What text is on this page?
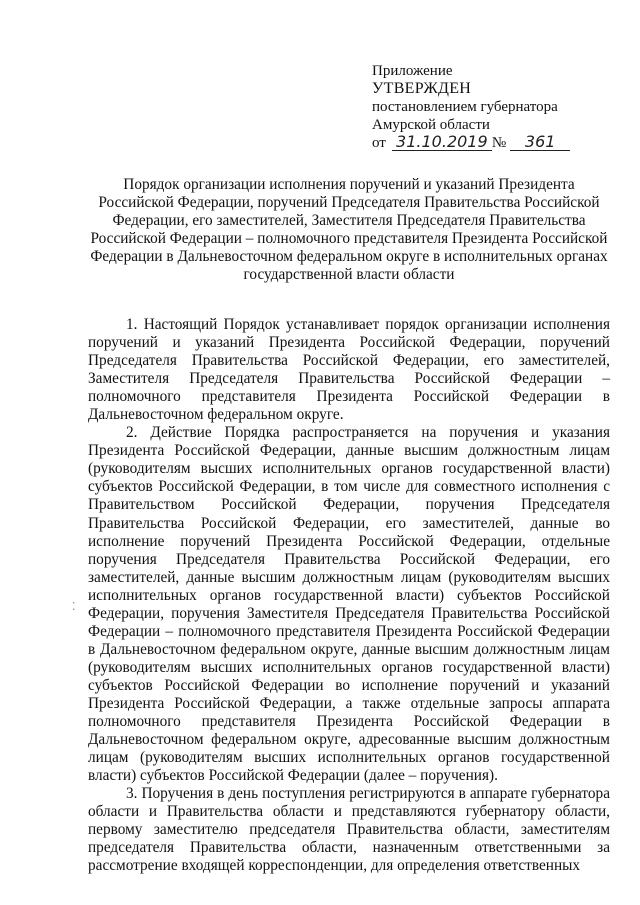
Приложение
УТВЕРЖДЕН
постановлением губернатора
Амурской области
от 31.10.2019 №	361
Порядок организации исполнения поручений и указаний Президента Российской Федерации, поручений Председателя Правительства Российской Федерации, его заместителей, Заместителя Председателя Правительства Российской Федерации – полномочного представителя Президента Российской Федерации в Дальневосточном федеральном округе в исполнительных органах государственной власти области

1. Настоящий Порядок устанавливает порядок организации исполнения поручений и указаний Президента Российской Федерации, поручений Председателя Правительства Российской Федерации, его заместителей, Заместителя Председателя Правительства Российской Федерации – полномочного представителя Президента Российской Федерации в Дальневосточном федеральном округе.

2. Действие Порядка распространяется на поручения и указания Президента Российской Федерации, данные высшим должностным лицам (руководителям высших исполнительных органов государственной власти) субъектов Российской Федерации, в том числе для совместного исполнения с Правительством Российской Федерации, поручения Председателя Правительства Российской Федерации, его заместителей, данные во исполнение поручений Президента Российской Федерации, отдельные поручения Председателя Правительства Российской Федерации, его заместителей, данные высшим должностным лицам (руководителям высших исполнительных органов государственной власти) субъектов Российской Федерации, поручения Заместителя Председателя Правительства Российской Федерации – полномочного представителя Президента Российской Федерации в Дальневосточном федеральном округе, данные высшим должностным лицам (руководителям высших исполнительных органов государственной власти) субъектов Российской Федерации во исполнение поручений и указаний Президента Российской Федерации, а также отдельные запросы аппарата полномочного представителя Президента Российской Федерации в Дальневосточном федеральном округе, адресованные высшим должностным лицам (руководителям высших исполнительных органов государственной власти) субъектов Российской Федерации (далее – поручения).

3. Поручения в день поступления регистрируются в аппарате губернатора области и Правительства области и представляются губернатору области, первому заместителю председателя Правительства области, заместителям председателя Правительства области, назначенным ответственными за рассмотрение входящей корреспонденции, для определения ответственных

⁚
